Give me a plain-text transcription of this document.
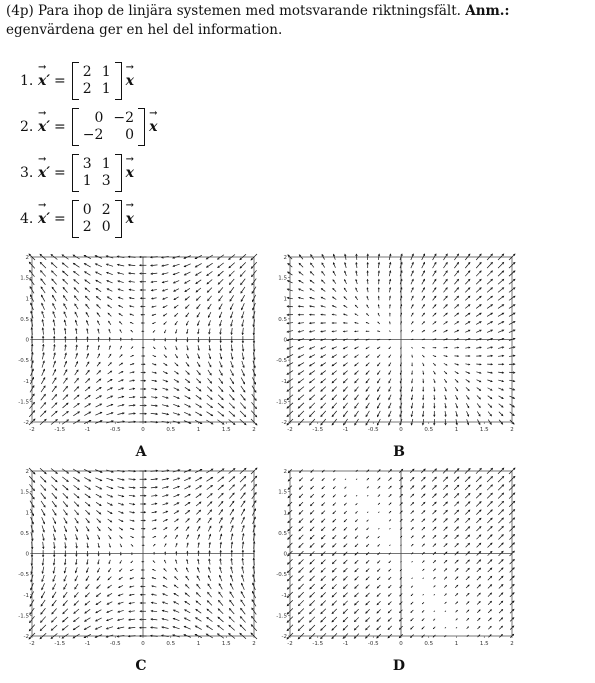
(4p) Para ihop de linjära systemen med motsvarande riktningsfält. Anm.: egenvärdena ger en hel del information.
1. → x′ =
2 1
2 1 → x
2. → x′ =
0 −2
−2	0 → x
3. → x′ =
3 1
1 3 → x
4. → x′ =
0 2
2 0 → x
-2	-1.5	-1	-0.5	0	0.5	1	1.5	2
2
1.5
1
0.5
0
-0.5
-1
-1.5
-2
A
-2	-1.5	-1	-0.5	0	0.5	1	1.5	2
2
1.5
1
0.5
0
-0.5
-1
-1.5
-2
B
-2	-1.5	-1	-0.5	0	0.5	1	1.5	2
2
1.5
1
0.5
0
-0.5
-1
-1.5
-2
C
-2	-1.5	-1	-0.5	0	0.5	1	1.5	2
2
1.5
1
0.5
0
-0.5
-1
-1.5
-2
D
